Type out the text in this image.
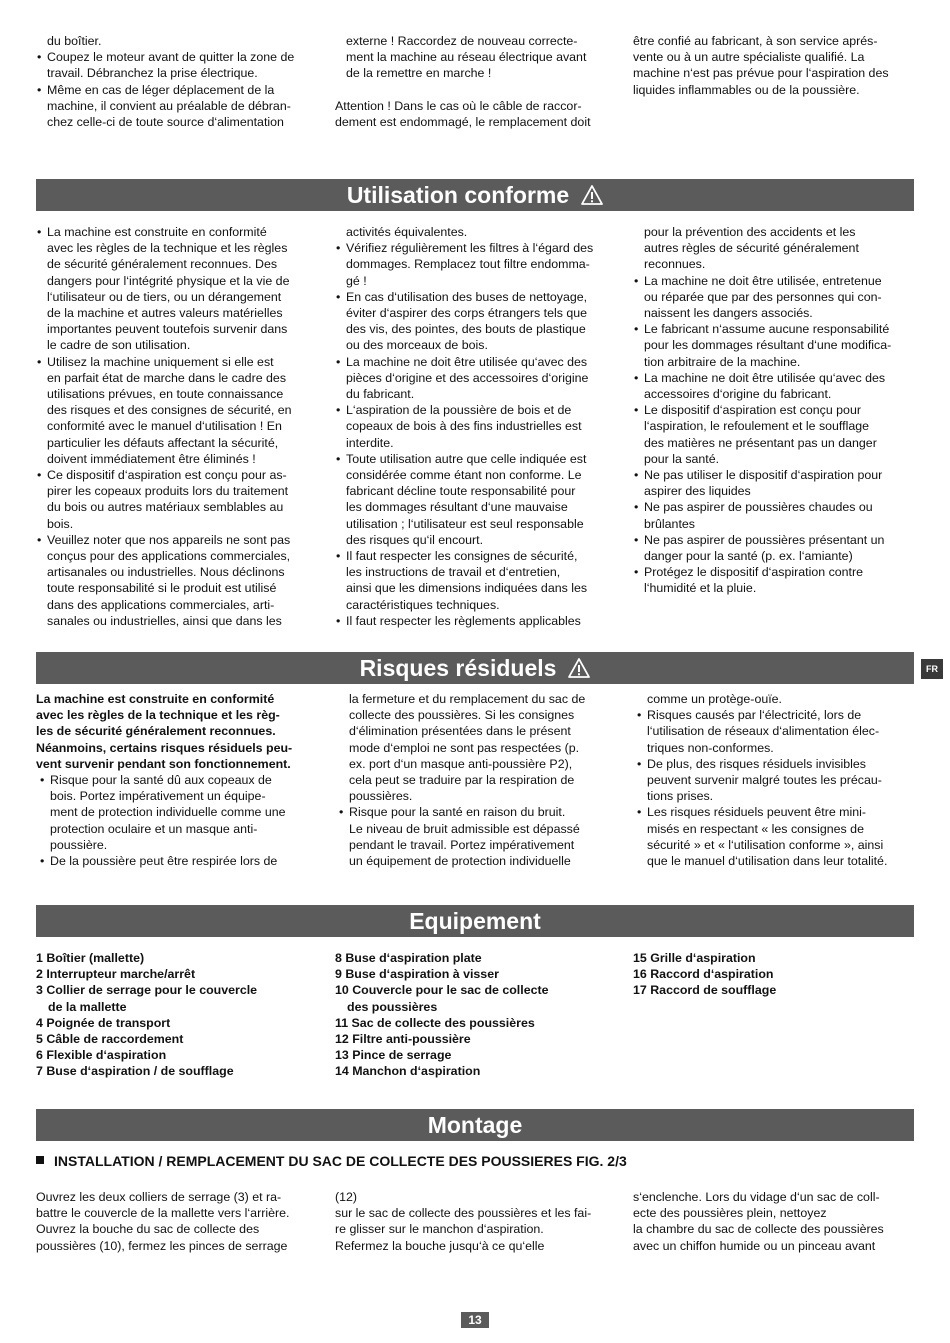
du boîtier.
• Coupez le moteur avant de quitter la zone de
travail. Débranchez la prise électrique.
• Même en cas de léger déplacement de la
machine, il convient au préalable de débran-
chez celle-ci de toute source d‘alimentation
externe ! Raccordez de nouveau correcte-
ment la machine au réseau électrique avant
de la remettre en marche !

Attention ! Dans le cas où le câble de raccor-
dement est endommagé, le remplacement doit
être confié au fabricant, à son service aprés-
vente ou à un autre spécialiste qualifié. La
machine n‘est pas prévue pour l‘aspiration des
liquides inflammables ou de la poussière.
Utilisation conforme
• La machine est construite en conformité
avec les règles de la technique et les règles
de sécurité généralement reconnues. Des
dangers pour l‘intégrité physique et la vie de
l‘utilisateur ou de tiers, ou un dérangement
de la machine et autres valeurs matérielles
importantes peuvent toutefois survenir dans
le cadre de son utilisation.
• Utilisez la machine uniquement si elle est
en parfait état de marche dans le cadre des
utilisations prévues, en toute connaissance
des risques et des consignes de sécurité, en
conformité avec le manuel d‘utilisation ! En
particulier les défauts affectant la sécurité,
doivent immédiatement être éliminés !
• Ce dispositif d‘aspiration est conçu pour as-
pirer les copeaux produits lors du traitement
du bois ou autres matériaux semblables au
bois.
• Veuillez noter que nos appareils ne sont pas
conçus pour des applications commerciales,
artisanales ou industrielles. Nous déclinons
toute responsabilité si le produit est utilisé
dans des applications commerciales, arti-
sanales ou industrielles, ainsi que dans les
activités équivalentes.
• Vérifiez régulièrement les filtres à l‘égard des
dommages. Remplacez tout filtre endomma-
gé !
• En cas d‘utilisation des buses de nettoyage,
éviter d‘aspirer des corps étrangers tels que
des vis, des pointes, des bouts de plastique
ou des morceaux de bois.
• La machine ne doit être utilisée qu‘avec des
pièces d‘origine et des accessoires d‘origine
du fabricant.
• L‘aspiration de la poussière de bois et de
copeaux de bois à des fins industrielles est
interdite.
• Toute utilisation autre que celle indiquée est
considérée comme étant non conforme. Le
fabricant décline toute responsabilité pour
les dommages résultant d‘une mauvaise
utilisation ; l‘utilisateur est seul responsable
des risques qu‘il encourt.
• Il faut respecter les consignes de sécurité,
les instructions de travail et d‘entretien,
ainsi que les dimensions indiquées dans les
caractéristiques techniques.
• Il faut respecter les règlements applicables
pour la prévention des accidents et les
autres règles de sécurité généralement
reconnues.
• La machine ne doit être utilisée, entretenue
ou réparée que par des personnes qui con-
naissent les dangers associés.
• Le fabricant n‘assume aucune responsabilité
pour les dommages résultant d‘une modifica-
tion arbitraire de la machine.
• La machine ne doit être utilisée qu‘avec des
accessoires d‘origine du fabricant.
• Le dispositif d‘aspiration est conçu pour
l‘aspiration, le refoulement et le soufflage
des matières ne présentant pas un danger
pour la santé.
• Ne pas utiliser le dispositif d‘aspiration pour
aspirer des liquides
• Ne pas aspirer de poussières chaudes ou
brûlantes
• Ne pas aspirer de poussières présentant un
danger pour la santé (p. ex. l‘amiante)
• Protégez le dispositif d‘aspiration contre
l‘humidité et la pluie.
Risques résiduels	FR
La machine est construite en conformité
avec les règles de la technique et les règ-
les de sécurité généralement reconnues.
Néanmoins, certains risques résiduels peu-
vent survenir pendant son fonctionnement.
• Risque pour la santé dû aux copeaux de
bois. Portez impérativement un équipe-
ment de protection individuelle comme une
protection oculaire et un masque anti-
poussière.
• De la poussière peut être respirée lors de
la fermeture et du remplacement du sac de
collecte des poussières. Si les consignes
d‘élimination présentées dans le présent
mode d‘emploi ne sont pas respectées (p.
ex. port d‘un masque anti-poussière P2),
cela peut se traduire par la respiration de
poussières.
• Risque pour la santé en raison du bruit.
Le niveau de bruit admissible est dépassé
pendant le travail. Portez impérativement
un équipement de protection individuelle
comme un protège-ouïe.
• Risques causés par l‘électricité, lors de
l‘utilisation de réseaux d‘alimentation élec-
triques non-conformes.
• De plus, des risques résiduels invisibles
peuvent survenir malgré toutes les précau-
tions prises.
• Les risques résiduels peuvent être mini-
misés en respectant « les consignes de
sécurité » et « l‘utilisation conforme », ainsi
que le manuel d‘utilisation dans leur totalité.
Equipement
1 Boîtier (mallette)
2 Interrupteur marche/arrêt
3 Collier de serrage pour le couvercle
de la mallette
4 Poignée de transport
5 Câble de raccordement
6 Flexible d‘aspiration
7 Buse d‘aspiration / de soufflage
8 Buse d‘aspiration plate
9 Buse d‘aspiration à visser
10 Couvercle pour le sac de collecte
des poussières
11 Sac de collecte des poussières
12 Filtre anti-poussière
13 Pince de serrage
14 Manchon d‘aspiration
15 Grille d‘aspiration
16 Raccord d‘aspiration
17 Raccord de soufflage
Montage
INSTALLATION / REMPLACEMENT DU SAC DE COLLECTE DES POUSSIERES FIG. 2/3
Ouvrez les deux colliers de serrage (3) et ra-
battre le couvercle de la mallette vers l‘arrière.
Ouvrez la bouche du sac de collecte des
poussières (10), fermez les pinces de serrage
(12)
sur le sac de collecte des poussières et les fai-
re glisser sur le manchon d‘aspiration.
Refermez la bouche jusqu‘à ce qu‘elle
s‘enclenche. Lors du vidage d‘un sac de coll-
ecte des poussières plein, nettoyez
la chambre du sac de collecte des poussières
avec un chiffon humide ou un pinceau avant
13
